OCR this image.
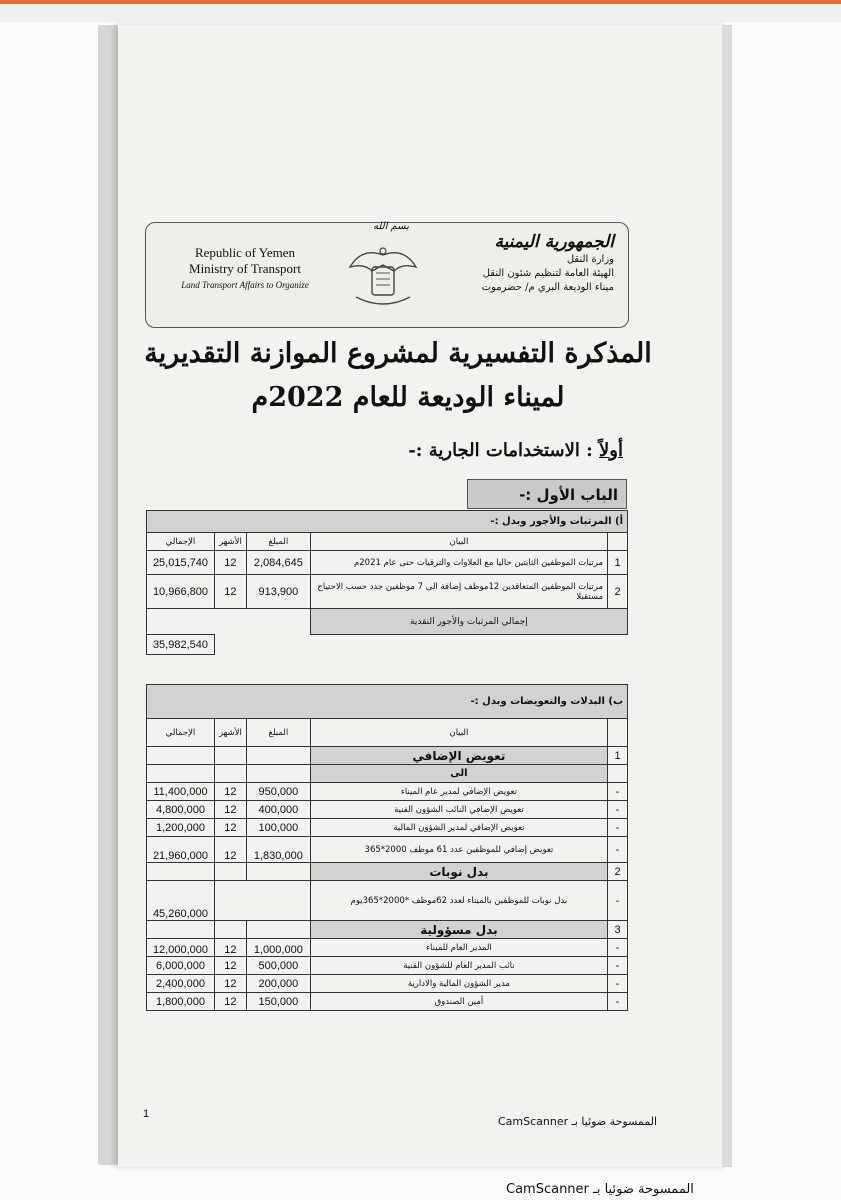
Republic of Yemen
Ministry of Transport
Land Transport Affairs to Organize
بسم الله
الجمهورية اليمنية
وزارة النقل
الهيئة العامة لتنظيم شئون النقل
ميناء الوديعة البري م/ حضرموت
المذكرة التفسيرية لمشروع الموازنة التقديرية
لميناء الوديعة للعام 2022م
أولاً : الاستخدامات الجارية :-
الباب الأول :-
أ) المرتبات والأجور وبدل :-				
الإجمالي	الأشهر	المبلغ	البيان	
25,015,740	12	2,084,645	مرتبات الموظفين الثابتين حاليا مع العلاوات والترقيات حتى عام 2021م	1
10,966,800	12	913,900	مرتبات الموظفين المتعاقدين 12موظف إضافة الى 7 موظفين جدد حسب الاحتياج مستقبلا	2
			إجمالي المرتبات والأجور النقدية	
35,982,540				
ب) البدلات والتعويضات وبدل :-				
الإجمالي	الأشهر	المبلغ	البيان	
			تعويض الإضافي	1
			الى	
11,400,000	12	950,000	تعويض الإضافي لمدير عام الميناء	-
4,800,000	12	400,000	تعويض الإضافي النائب الشؤون الفنية	-
1,200,000	12	100,000	تعويض الإضافي لمدير الشؤون المالية	-
21,960,000	12	1,830,000	تعويض إضافي للموظفين عدد 61 موظف 2000*365	-
			بدل نوبات	2
45,260,000			بدل نوبات للموظفين بالميناء لعدد 62موظف *2000*365يوم	-
			بدل مسؤولية	3
12,000,000	12	1,000,000	المدير العام للميناء	-
6,000,000	12	500,000	نائب المدير العام للشؤون الفنية	-
2,400,000	12	200,000	مدير الشؤون المالية والادارية	-
1,800,000	12	150,000	أمين الصندوق	-
1
الممسوحة ضوئيا بـ CamScanner
الممسوحة ضوئيا بـ CamScanner
